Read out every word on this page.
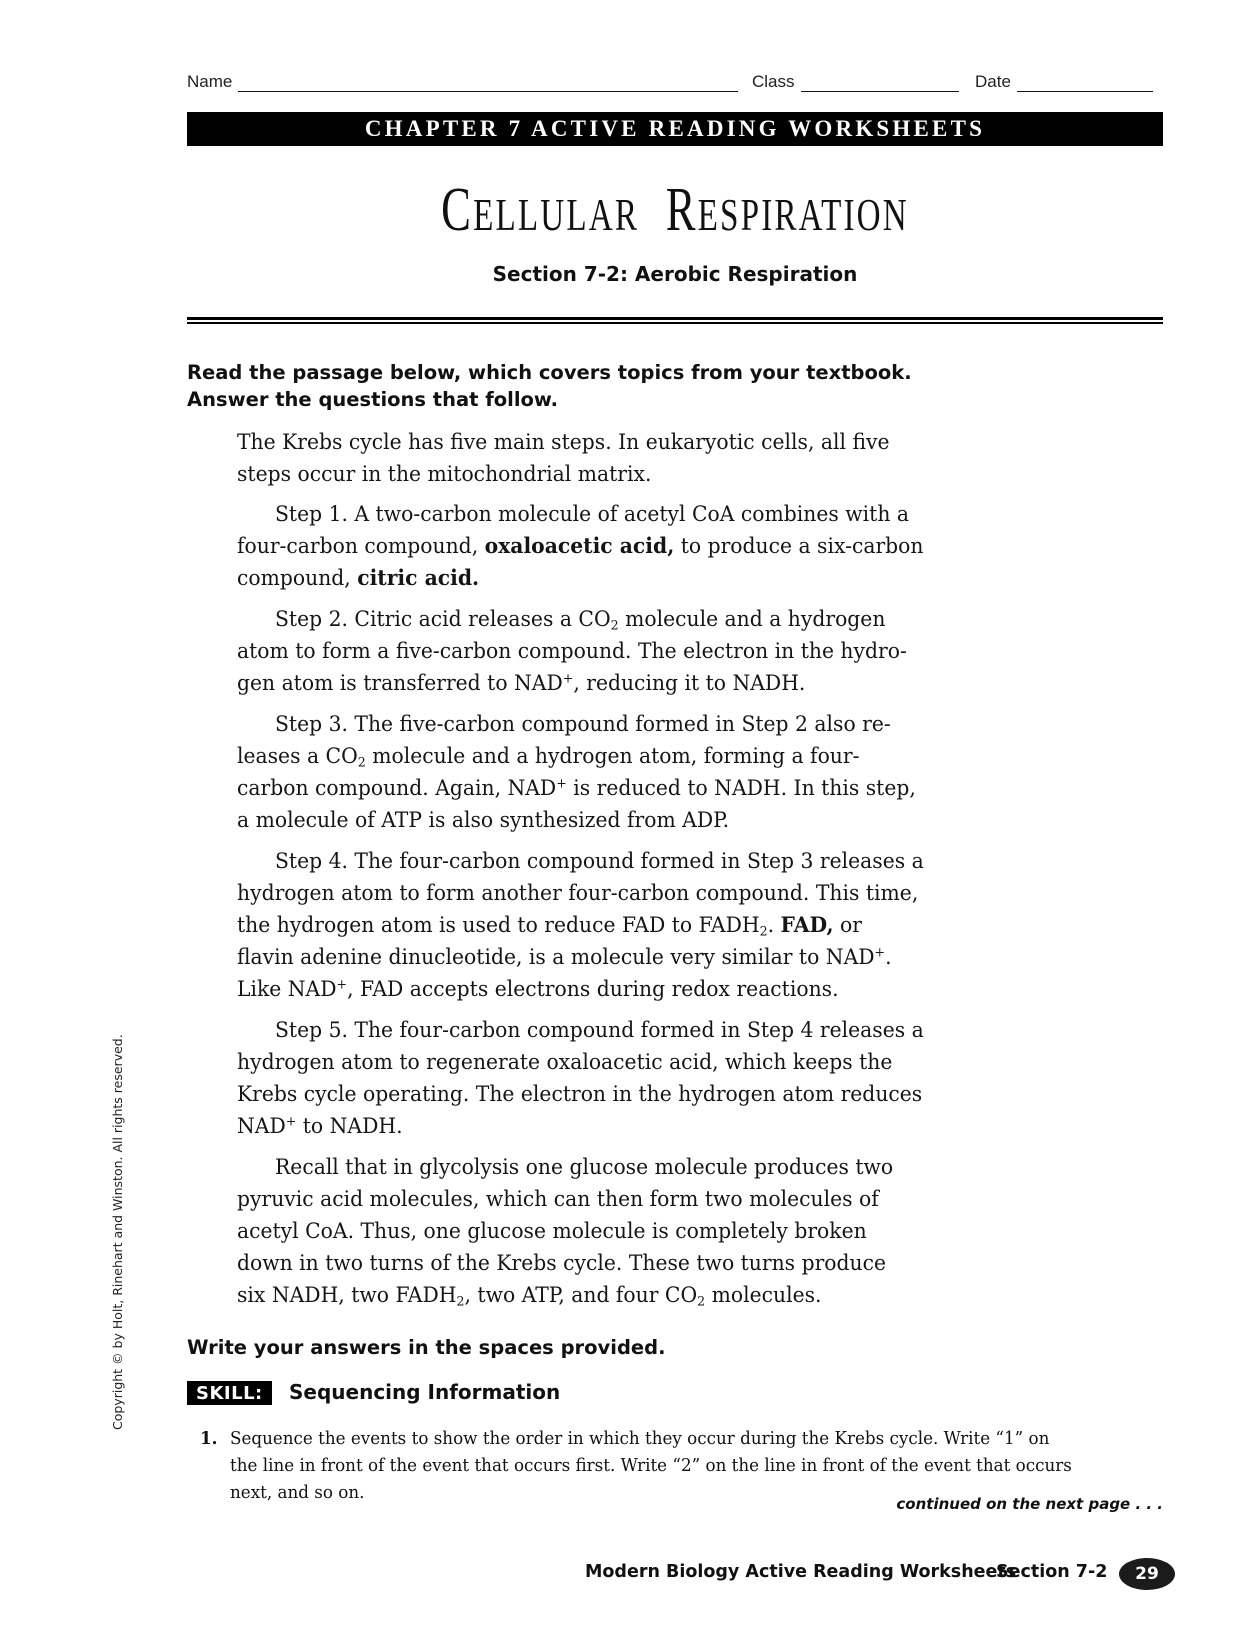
Name	Class	Date
CHAPTER 7 ACTIVE READING WORKSHEETS
CELLULAR RESPIRATION
Section 7-2: Aerobic Respiration
Read the passage below, which covers topics from your textbook.
Answer the questions that follow.
The Krebs cycle has five main steps. In eukaryotic cells, all five
steps occur in the mitochondrial matrix.
Step 1. A two-carbon molecule of acetyl CoA combines with a
four-carbon compound, oxaloacetic acid, to produce a six-carbon
compound, citric acid.
Step 2. Citric acid releases a $CO_2$ molecule and a hydrogen
atom to form a five-carbon compound. The electron in the hydro-
gen atom is transferred to NAD+, reducing it to NADH.
Step 3. The five-carbon compound formed in Step 2 also re-
leases a $CO_2$ molecule and a hydrogen atom, forming a four-
carbon compound. Again, NAD+ is reduced to NADH. In this step,
a molecule of ATP is also synthesized from ADP.
Step 4. The four-carbon compound formed in Step 3 releases a
hydrogen atom to form another four-carbon compound. This time,
the hydrogen atom is used to reduce FAD to $FADH_2$. FAD, or
flavin adenine dinucleotide, is a molecule very similar to NAD+.
Like NAD+, FAD accepts electrons during redox reactions.
Step 5. The four-carbon compound formed in Step 4 releases a
hydrogen atom to regenerate oxaloacetic acid, which keeps the
Krebs cycle operating. The electron in the hydrogen atom reduces
NAD+ to NADH.
Recall that in glycolysis one glucose molecule produces two
pyruvic acid molecules, which can then form two molecules of
acetyl CoA. Thus, one glucose molecule is completely broken
down in two turns of the Krebs cycle. These two turns produce
six NADH, two $FADH_2$, two ATP, and four $CO_2$ molecules.
Write your answers in the spaces provided.
SKILL:	Sequencing Information
1. Sequence the events to show the order in which they occur during the Krebs cycle. Write “1” on
the line in front of the event that occurs first. Write “2” on the line in front of the event that occurs
next, and so on.
continued on the next page . . .
Modern Biology Active Reading Worksheets
Section 7-2 29
Copyright © by Holt, Rinehart and Winston. All rights reserved.
